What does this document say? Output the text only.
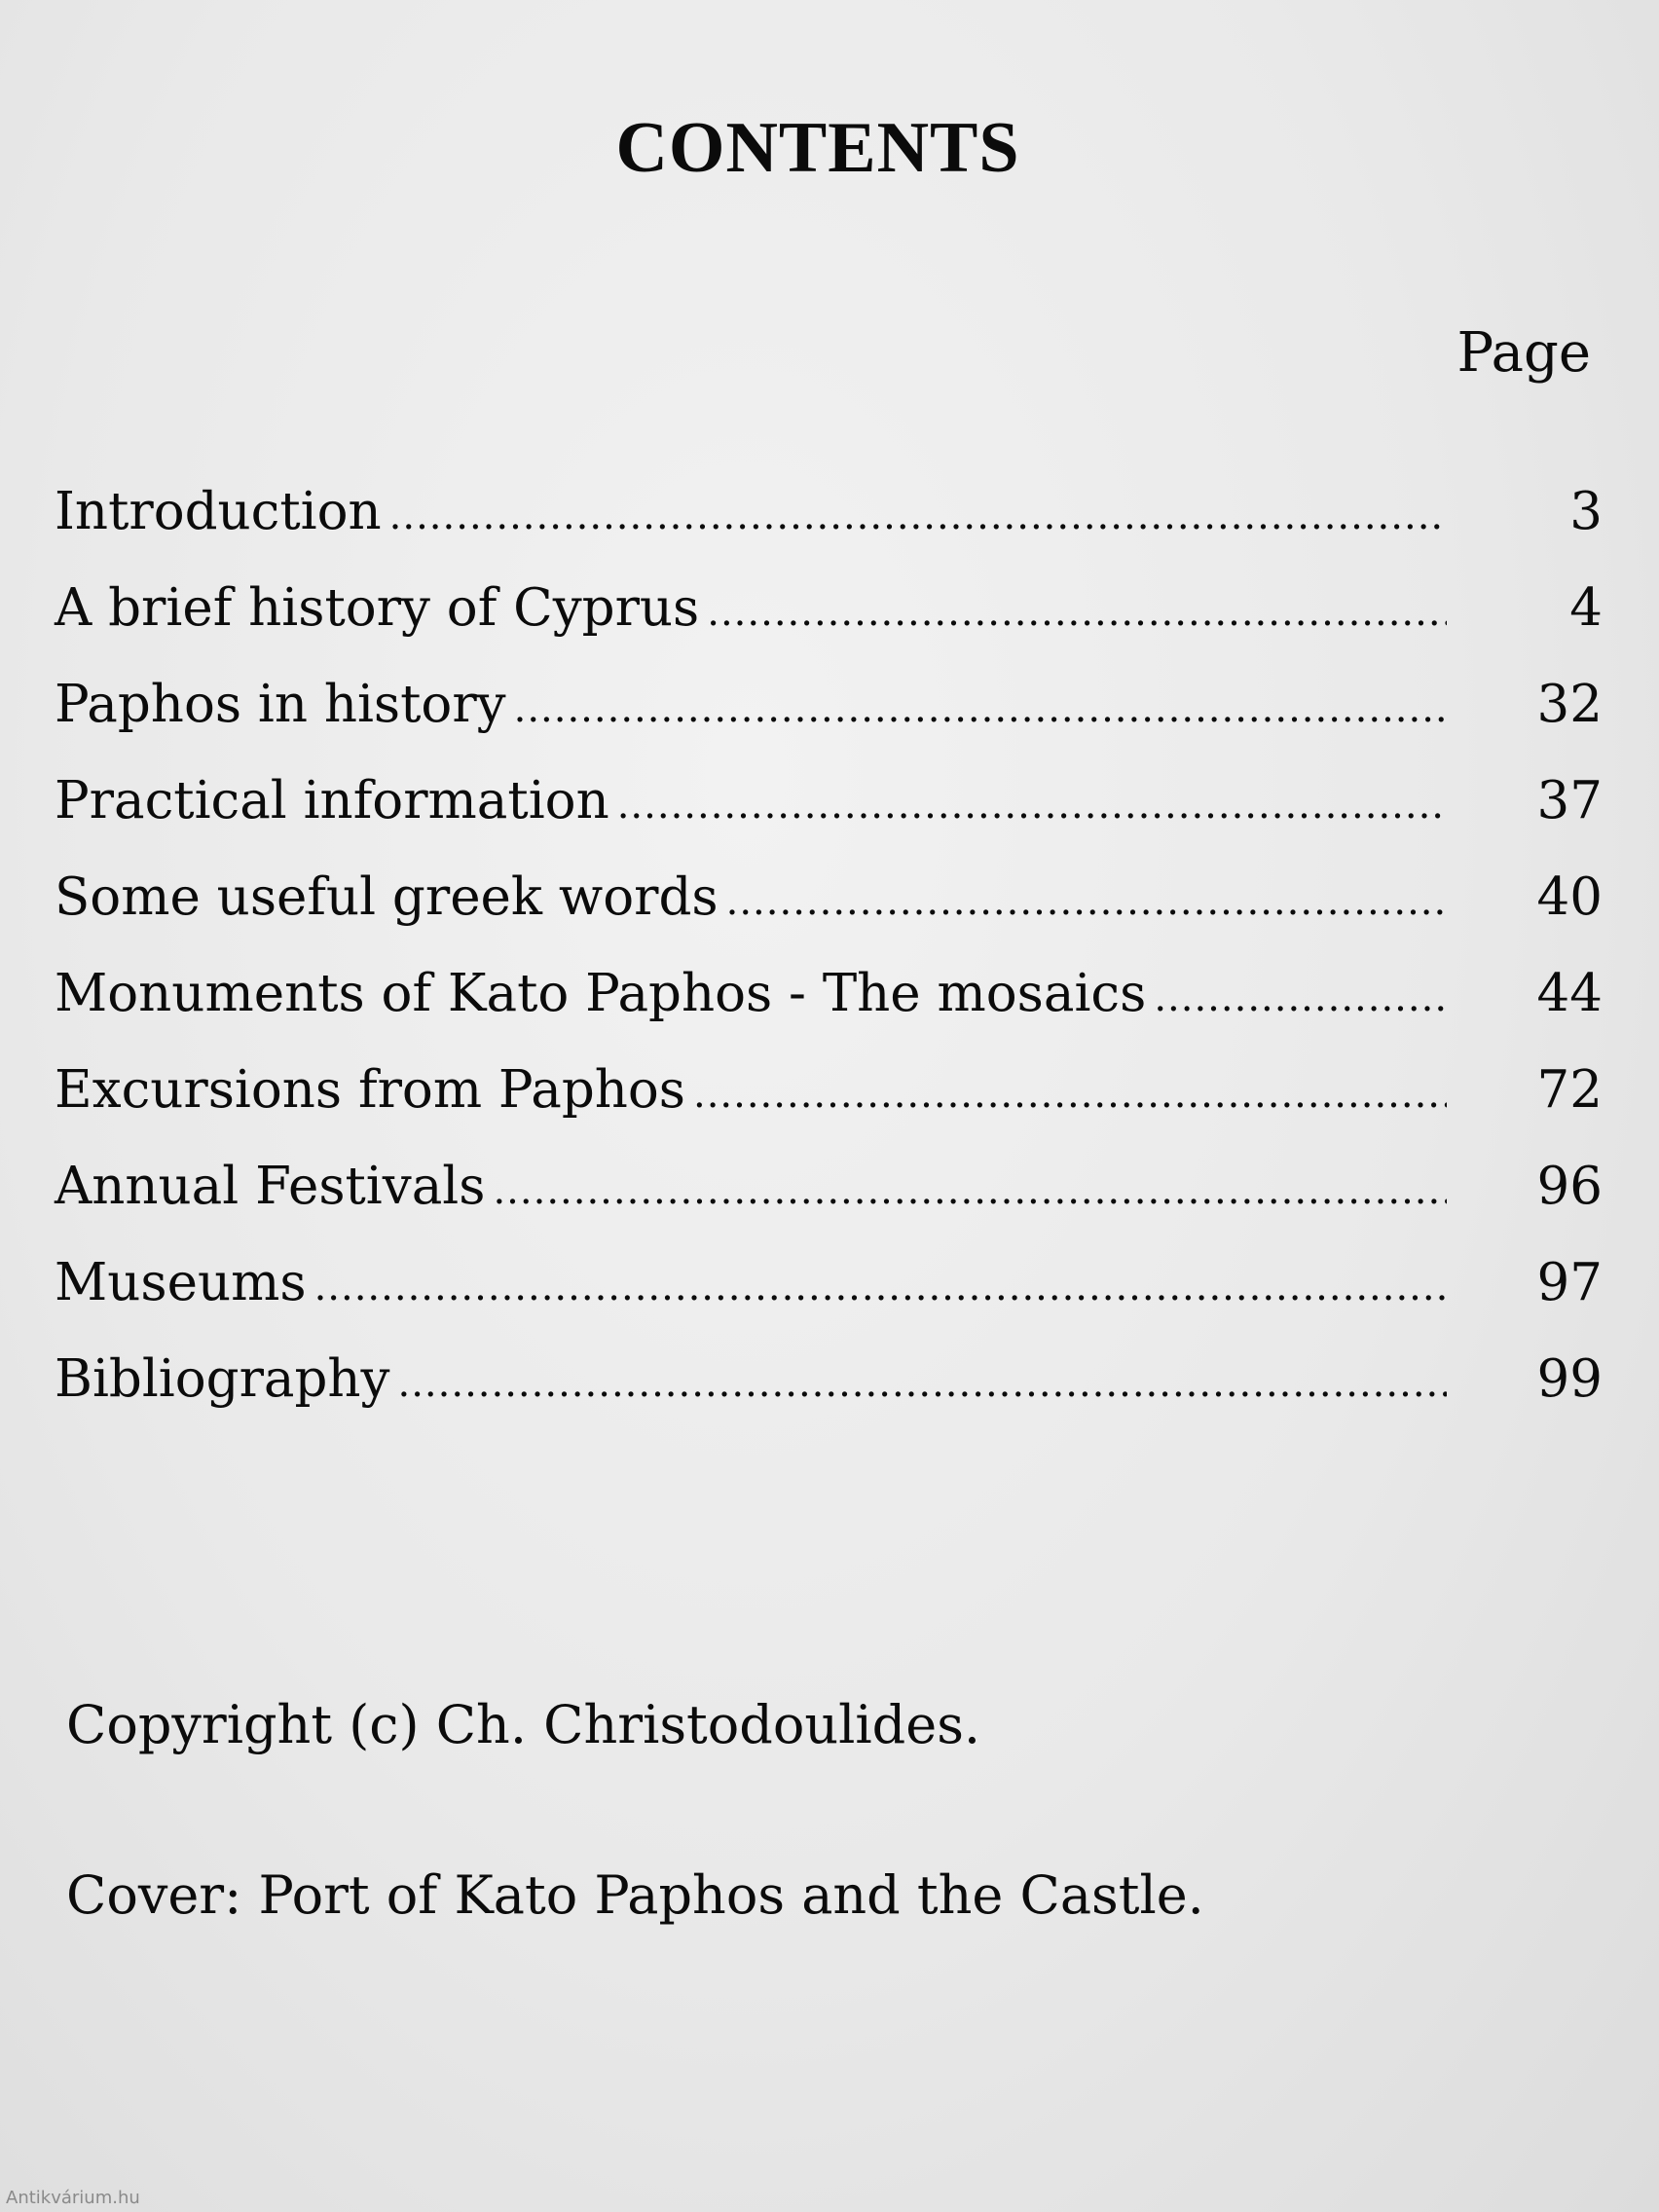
CONTENTS
Page
Introduction .....	3
A brief history of Cyprus .....	4
Paphos in history .....	32
Practical information .....	37
Some useful greek words .....	40
Monuments of Kato Paphos - The mosaics .....	44
Excursions from Paphos .....	72
Annual Festivals .....	96
Museums .....	97
Bibliography .....	99
Copyright (c) Ch. Christodoulides.
Cover: Port of Kato Paphos and the Castle.
Antikvárium.hu
